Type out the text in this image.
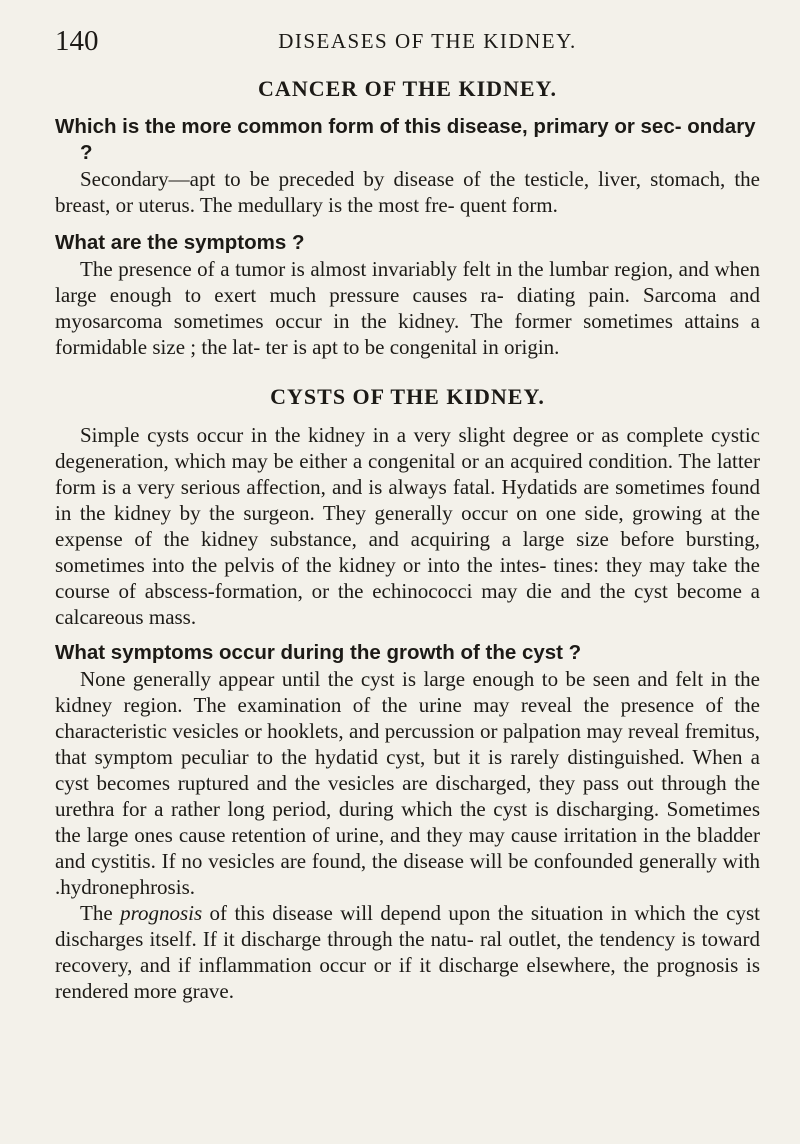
140	DISEASES OF THE KIDNEY.
CANCER OF THE KIDNEY.

Which is the more common form of this disease, primary or sec- ondary ?

Secondary—apt to be preceded by disease of the testicle, liver, stomach, the breast, or uterus. The medullary is the most fre- quent form.

What are the symptoms ?

The presence of a tumor is almost invariably felt in the lumbar region, and when large enough to exert much pressure causes ra- diating pain. Sarcoma and myosarcoma sometimes occur in the kidney. The former sometimes attains a formidable size ; the lat- ter is apt to be congenital in origin.

CYSTS OF THE KIDNEY.

Simple cysts occur in the kidney in a very slight degree or as complete cystic degeneration, which may be either a congenital or an acquired condition. The latter form is a very serious affection, and is always fatal. Hydatids are sometimes found in the kidney by the surgeon. They generally occur on one side, growing at the expense of the kidney substance, and acquiring a large size before bursting, sometimes into the pelvis of the kidney or into the intes- tines: they may take the course of abscess-formation, or the echinococci may die and the cyst become a calcareous mass.

What symptoms occur during the growth of the cyst ?

None generally appear until the cyst is large enough to be seen and felt in the kidney region. The examination of the urine may reveal the presence of the characteristic vesicles or hooklets, and percussion or palpation may reveal fremitus, that symptom peculiar to the hydatid cyst, but it is rarely distinguished. When a cyst becomes ruptured and the vesicles are discharged, they pass out through the urethra for a rather long period, during which the cyst is discharging. Sometimes the large ones cause retention of urine, and they may cause irritation in the bladder and cystitis. If no vesicles are found, the disease will be confounded generally with .hydronephrosis.

The prognosis of this disease will depend upon the situation in which the cyst discharges itself. If it discharge through the natu- ral outlet, the tendency is toward recovery, and if inflammation occur or if it discharge elsewhere, the prognosis is rendered more grave.
